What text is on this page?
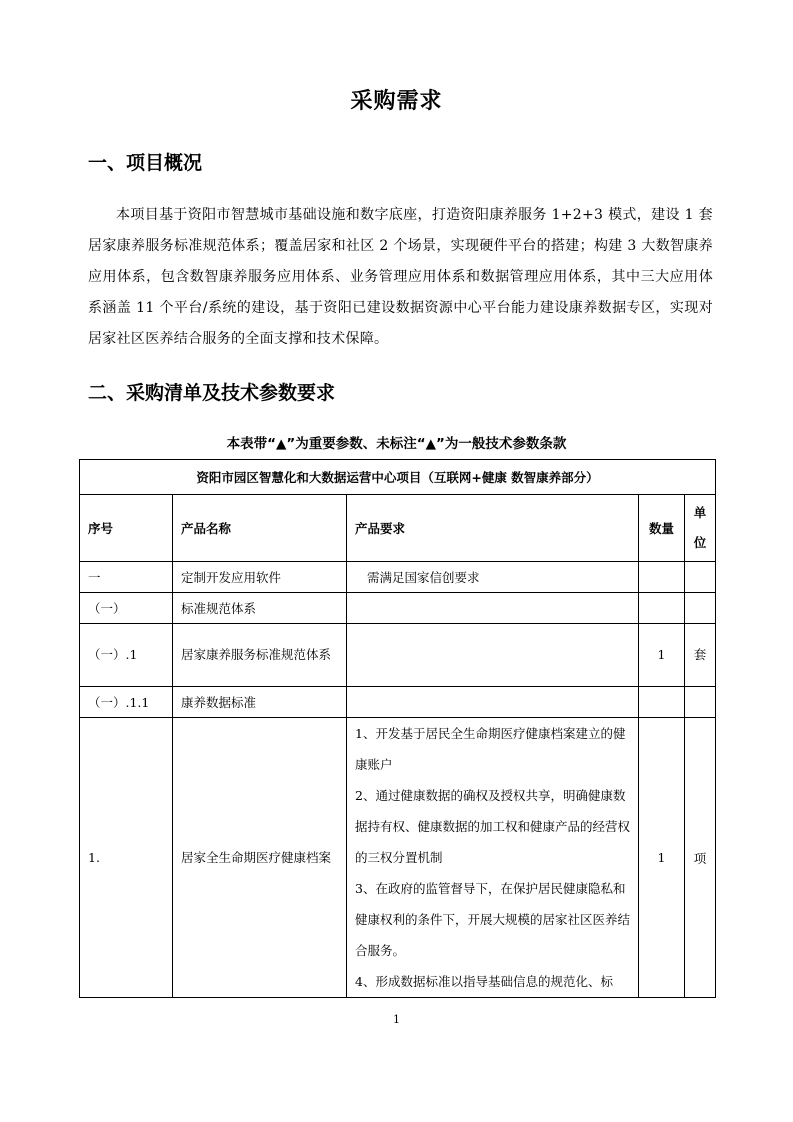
采购需求
一、项目概况
本项目基于资阳市智慧城市基础设施和数字底座，打造资阳康养服务 1+2+3 模式，建设 1 套居家康养服务标准规范体系；覆盖居家和社区 2 个场景，实现硬件平台的搭建；构建 3 大数智康养应用体系，包含数智康养服务应用体系、业务管理应用体系和数据管理应用体系，其中三大应用体系涵盖 11 个平台/系统的建设，基于资阳已建设数据资源中心平台能力建设康养数据专区，实现对居家社区医养结合服务的全面支撑和技术保障。
二、采购清单及技术参数要求
本表带“▲”为重要参数、未标注“▲”为一般技术参数条款
资阳市园区智慧化和大数据运营中心项目（互联网+健康 数智康养部分）				
序号	产品名称	产品要求	数量	单
位
一	定制开发应用软件	需满足国家信创要求		
（一）	标准规范体系			
（一）.1	居家康养服务标准规范体系		1	套
（一）.1.1	康养数据标准			
1.	居家全生命期医疗健康档案	1、开发基于居民全生命期医疗健康档案建立的健康账户
2、通过健康数据的确权及授权共享，明确健康数据持有权、健康数据的加工权和健康产品的经营权的三权分置机制
3、在政府的监管督导下，在保护居民健康隐私和健康权利的条件下，开展大规模的居家社区医养结合服务。
4、形成数据标准以指导基础信息的规范化、标	1	项
1
